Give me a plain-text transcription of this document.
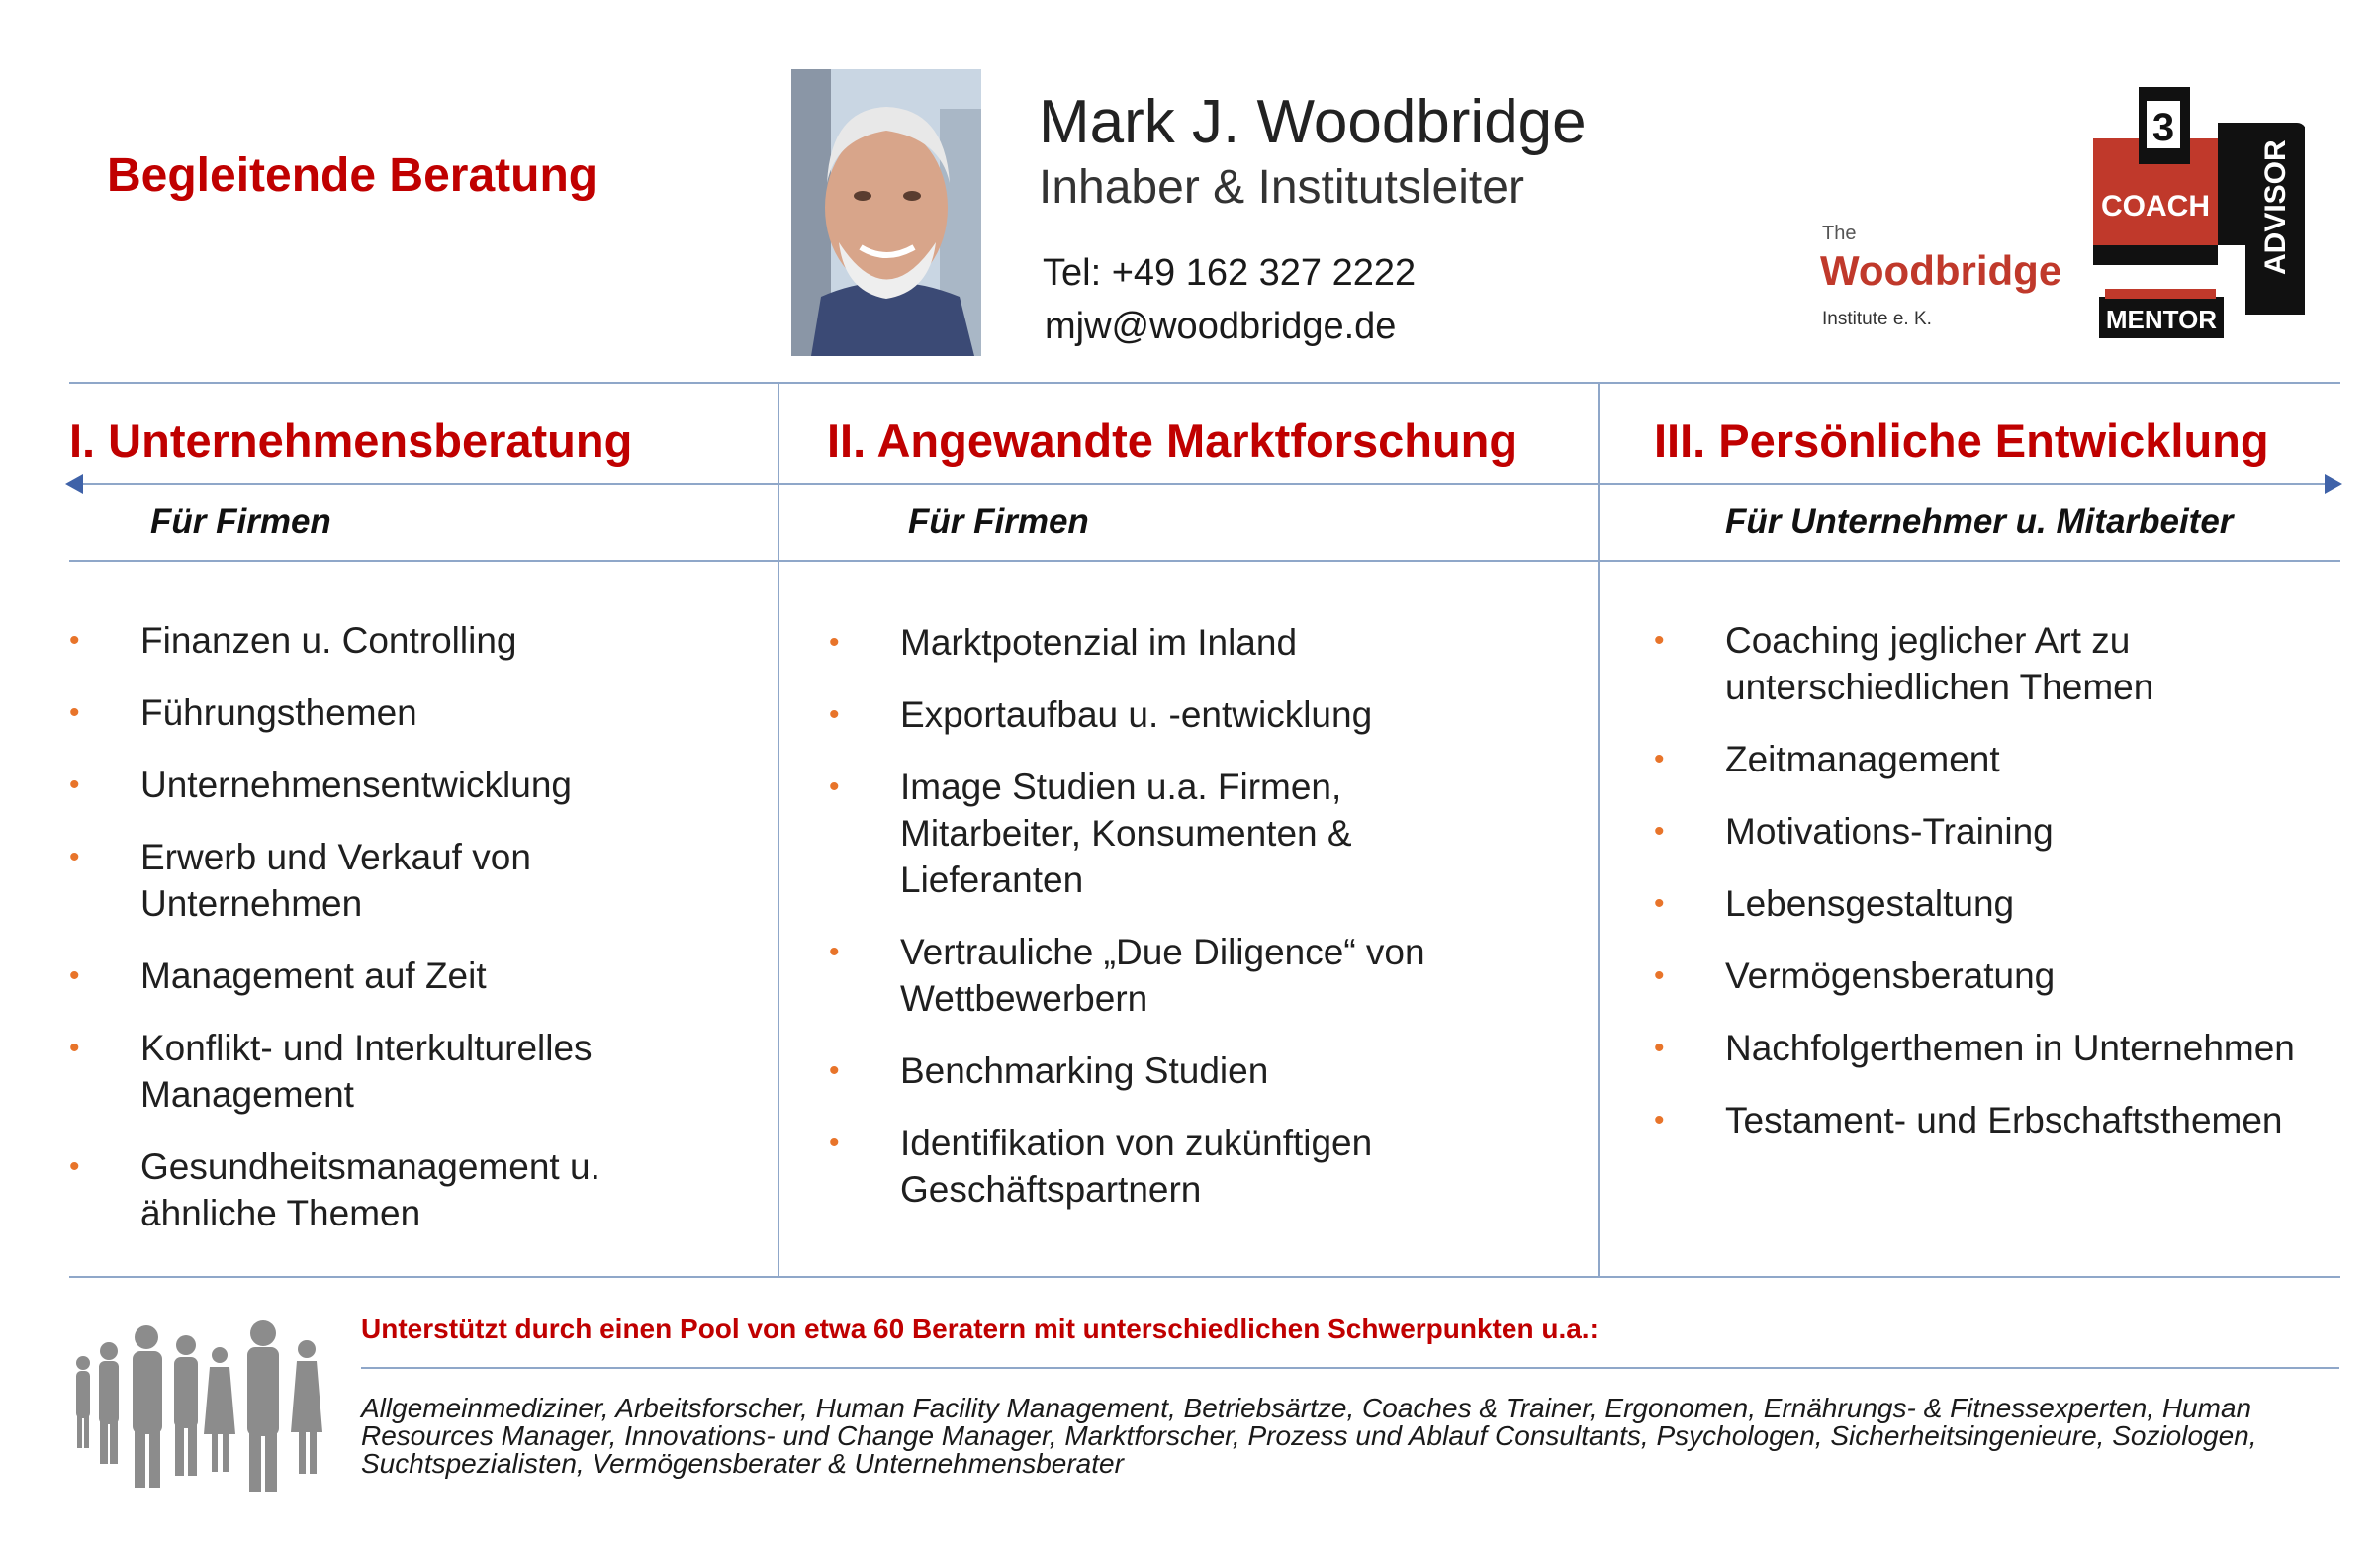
Begleitende Beratung
Mark J. Woodbridge
Inhaber & Institutsleiter
Tel: +49 162 327 2222
mjw@woodbridge.de
3
COACH
MENTOR
ADVISOR
The
Woodbridge
Institute e. K.
I. Unternehmensberatung
Für Firmen
• Finanzen u. Controlling
• Führungsthemen
• Unternehmensentwicklung
• Erwerb und Verkauf von Unternehmen
• Management auf Zeit
• Konflikt- und Interkulturelles Management
• Gesundheitsmanagement u. ähnliche Themen
II. Angewandte Marktforschung
Für Firmen
• Marktpotenzial im Inland
• Exportaufbau u. -entwicklung
• Image Studien u.a. Firmen, Mitarbeiter, Konsumenten & Lieferanten
• Vertrauliche „Due Diligence“ von Wettbewerbern
• Benchmarking Studien
• Identifikation von zukünftigen Geschäftspartnern
III. Persönliche Entwicklung
Für Unternehmer u. Mitarbeiter
• Coaching jeglicher Art zu unterschiedlichen Themen
• Zeitmanagement
• Motivations-Training
• Lebensgestaltung
• Vermögensberatung
• Nachfolgerthemen in Unternehmen
• Testament- und Erbschaftsthemen
Unterstützt durch einen Pool von etwa 60 Beratern mit unterschiedlichen Schwerpunkten u.a.:
Allgemeinmediziner, Arbeitsforscher, Human Facility Management, Betriebsärtze, Coaches & Trainer, Ergonomen, Ernährungs- & Fitnessexperten, Human Resources Manager, Innovations- und Change Manager, Marktforscher, Prozess und Ablauf Consultants, Psychologen, Sicherheitsingenieure, Soziologen, Suchtspezialisten, Vermögensberater & Unternehmensberater
